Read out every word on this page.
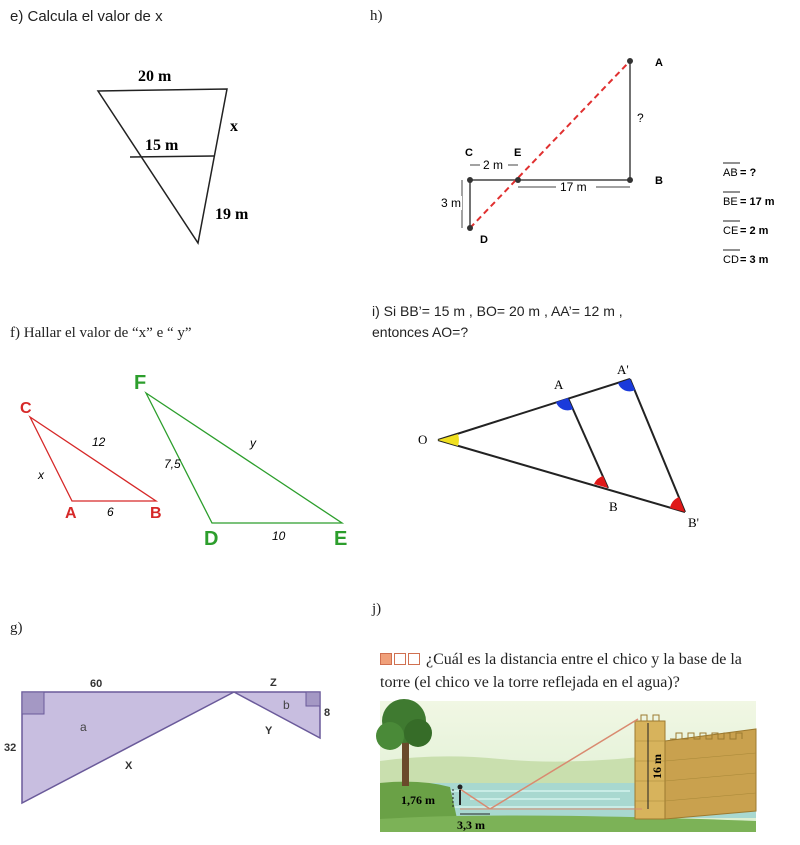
e) Calcula el valor de x
20 m
15 m
x
19 m
h)
A
B
C	E
D
?
2 m
17 m
3 m
AB = ?
BE = 17 m
CE = 2 m
CD = 3 m
f) Hallar el valor de “x” e “ y”
C
A	B
12
x
6
F
D	E
7,5
y
10
i) Si BB’= 15 m , BO= 20 m , AA’= 12 m ,
entonces AO=?
O
A
A'
B
B'
g)
60	Z
a
b
32
8
X
Y
j)
¿Cuál es la distancia entre el chico y la base de la
torre (el chico ve la torre reflejada en el agua)?
16 m
1,76 m
3,3 m
